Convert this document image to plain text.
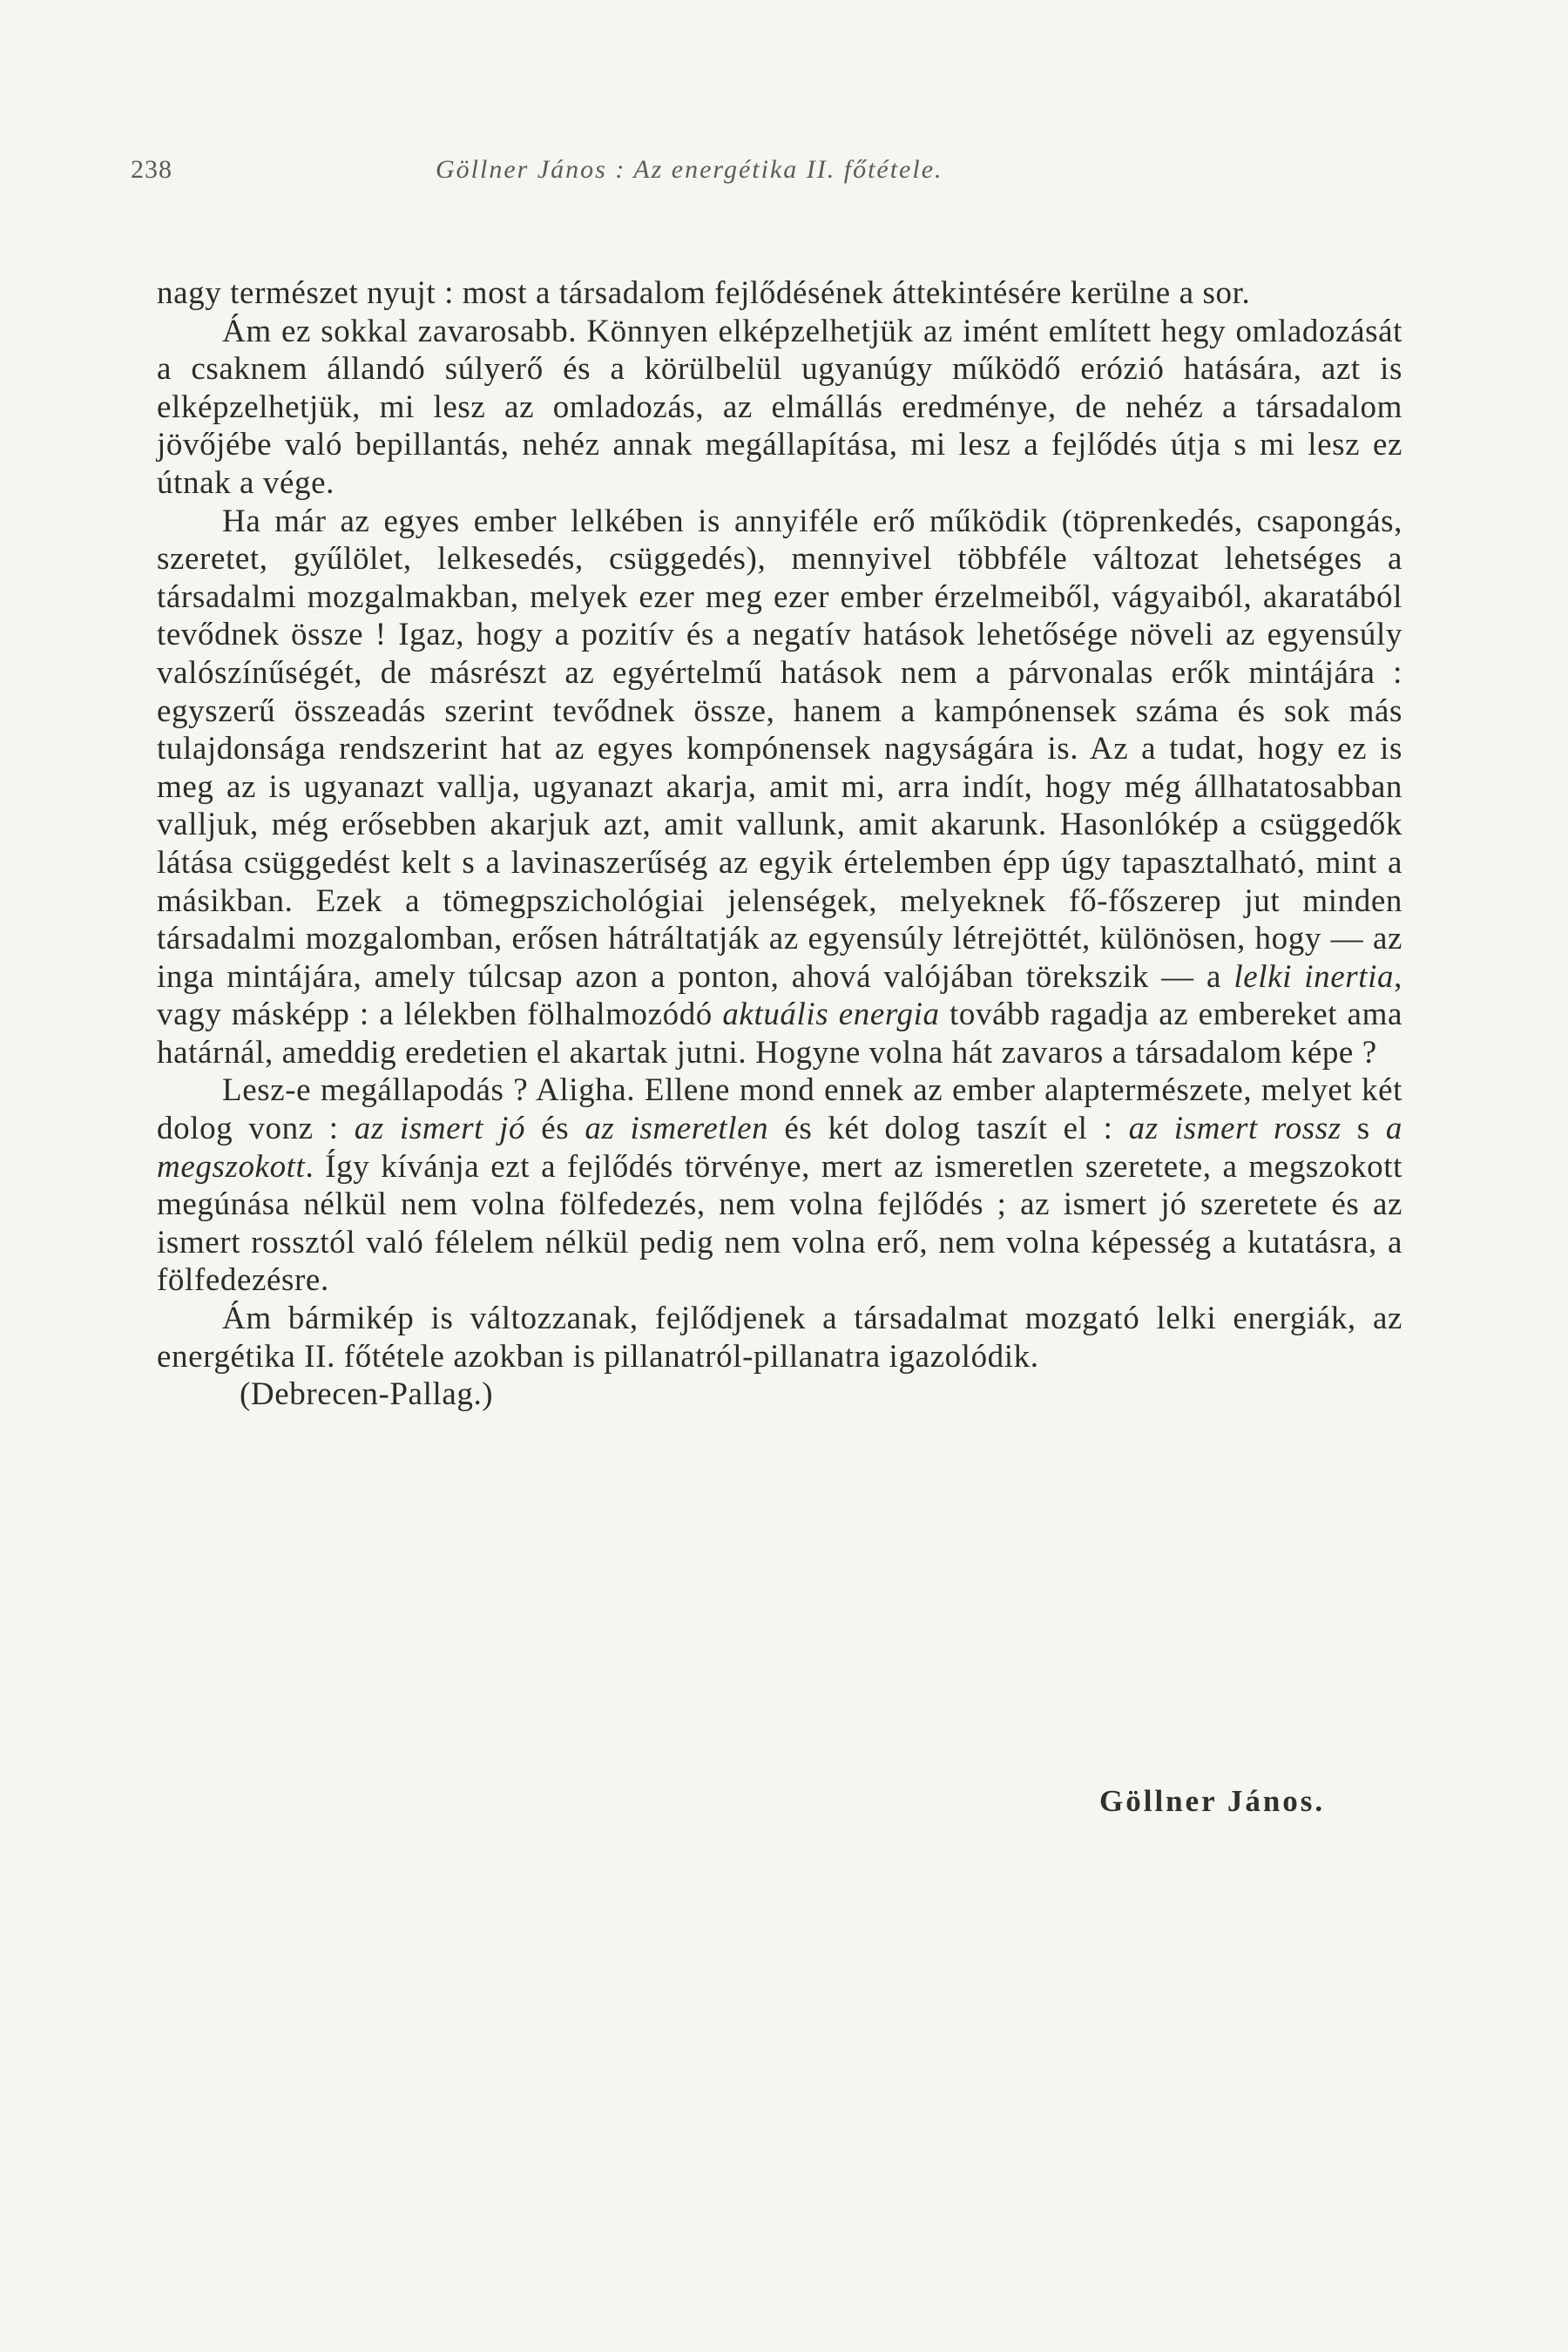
238	Göllner János : Az energétika II. főtétele.

nagy természet nyujt : most a társadalom fejlődésének áttekintésére kerülne a sor.

Ám ez sokkal zavarosabb. Könnyen elképzelhetjük az imént említett hegy omladozását a csaknem állandó súlyerő és a körülbelül ugyanúgy működő erózió hatására, azt is elképzelhetjük, mi lesz az omladozás, az elmállás eredménye, de nehéz a társadalom jövőjébe való bepillantás, nehéz annak megállapítása, mi lesz a fejlődés útja s mi lesz ez útnak a vége.

Ha már az egyes ember lelkében is annyiféle erő működik (töprenkedés, csapongás, szeretet, gyűlölet, lelkesedés, csüggedés), mennyivel többféle változat lehetséges a társadalmi mozgalmakban, melyek ezer meg ezer ember érzelmeiből, vágyaiból, akaratából tevődnek össze ! Igaz, hogy a pozitív és a negatív hatások lehetősége növeli az egyensúly valószínűségét, de másrészt az egyértelmű hatások nem a párvonalas erők mintájára : egyszerű összeadás szerint tevődnek össze, hanem a kampónensek száma és sok más tulajdonsága rendszerint hat az egyes kompónensek nagyságára is. Az a tudat, hogy ez is meg az is ugyanazt vallja, ugyanazt akarja, amit mi, arra indít, hogy még állhatatosabban valljuk, még erősebben akarjuk azt, amit vallunk, amit akarunk. Hasonlókép a csüggedők látása csüggedést kelt s a lavinaszerűség az egyik értelemben épp úgy tapasztalható, mint a másikban. Ezek a tömegpszichológiai jelenségek, melyeknek fő-főszerep jut minden társadalmi mozgalomban, erősen hátráltatják az egyensúly létrejöttét, különösen, hogy — az inga mintájára, amely túlcsap azon a ponton, ahová valójában törekszik — a lelki inertia, vagy másképp : a lélekben fölhalmozódó aktuális energia tovább ragadja az embereket ama határnál, ameddig eredetien el akartak jutni. Hogyne volna hát zavaros a társadalom képe ?

Lesz-e megállapodás ? Aligha. Ellene mond ennek az ember alaptermészete, melyet két dolog vonz : az ismert jó és az ismeretlen és két dolog taszít el : az ismert rossz s a megszokott. Így kívánja ezt a fejlődés törvénye, mert az ismeretlen szeretete, a megszokott megúnása nélkül nem volna fölfedezés, nem volna fejlődés ; az ismert jó szeretete és az ismert rossztól való félelem nélkül pedig nem volna erő, nem volna képesség a kutatásra, a fölfedezésre.

Ám bármikép is változzanak, fejlődjenek a társadalmat mozgató lelki energiák, az energétika II. főtétele azokban is pillanatról-pillanatra igazolódik.

(Debrecen-Pallag.)

Göllner János.
